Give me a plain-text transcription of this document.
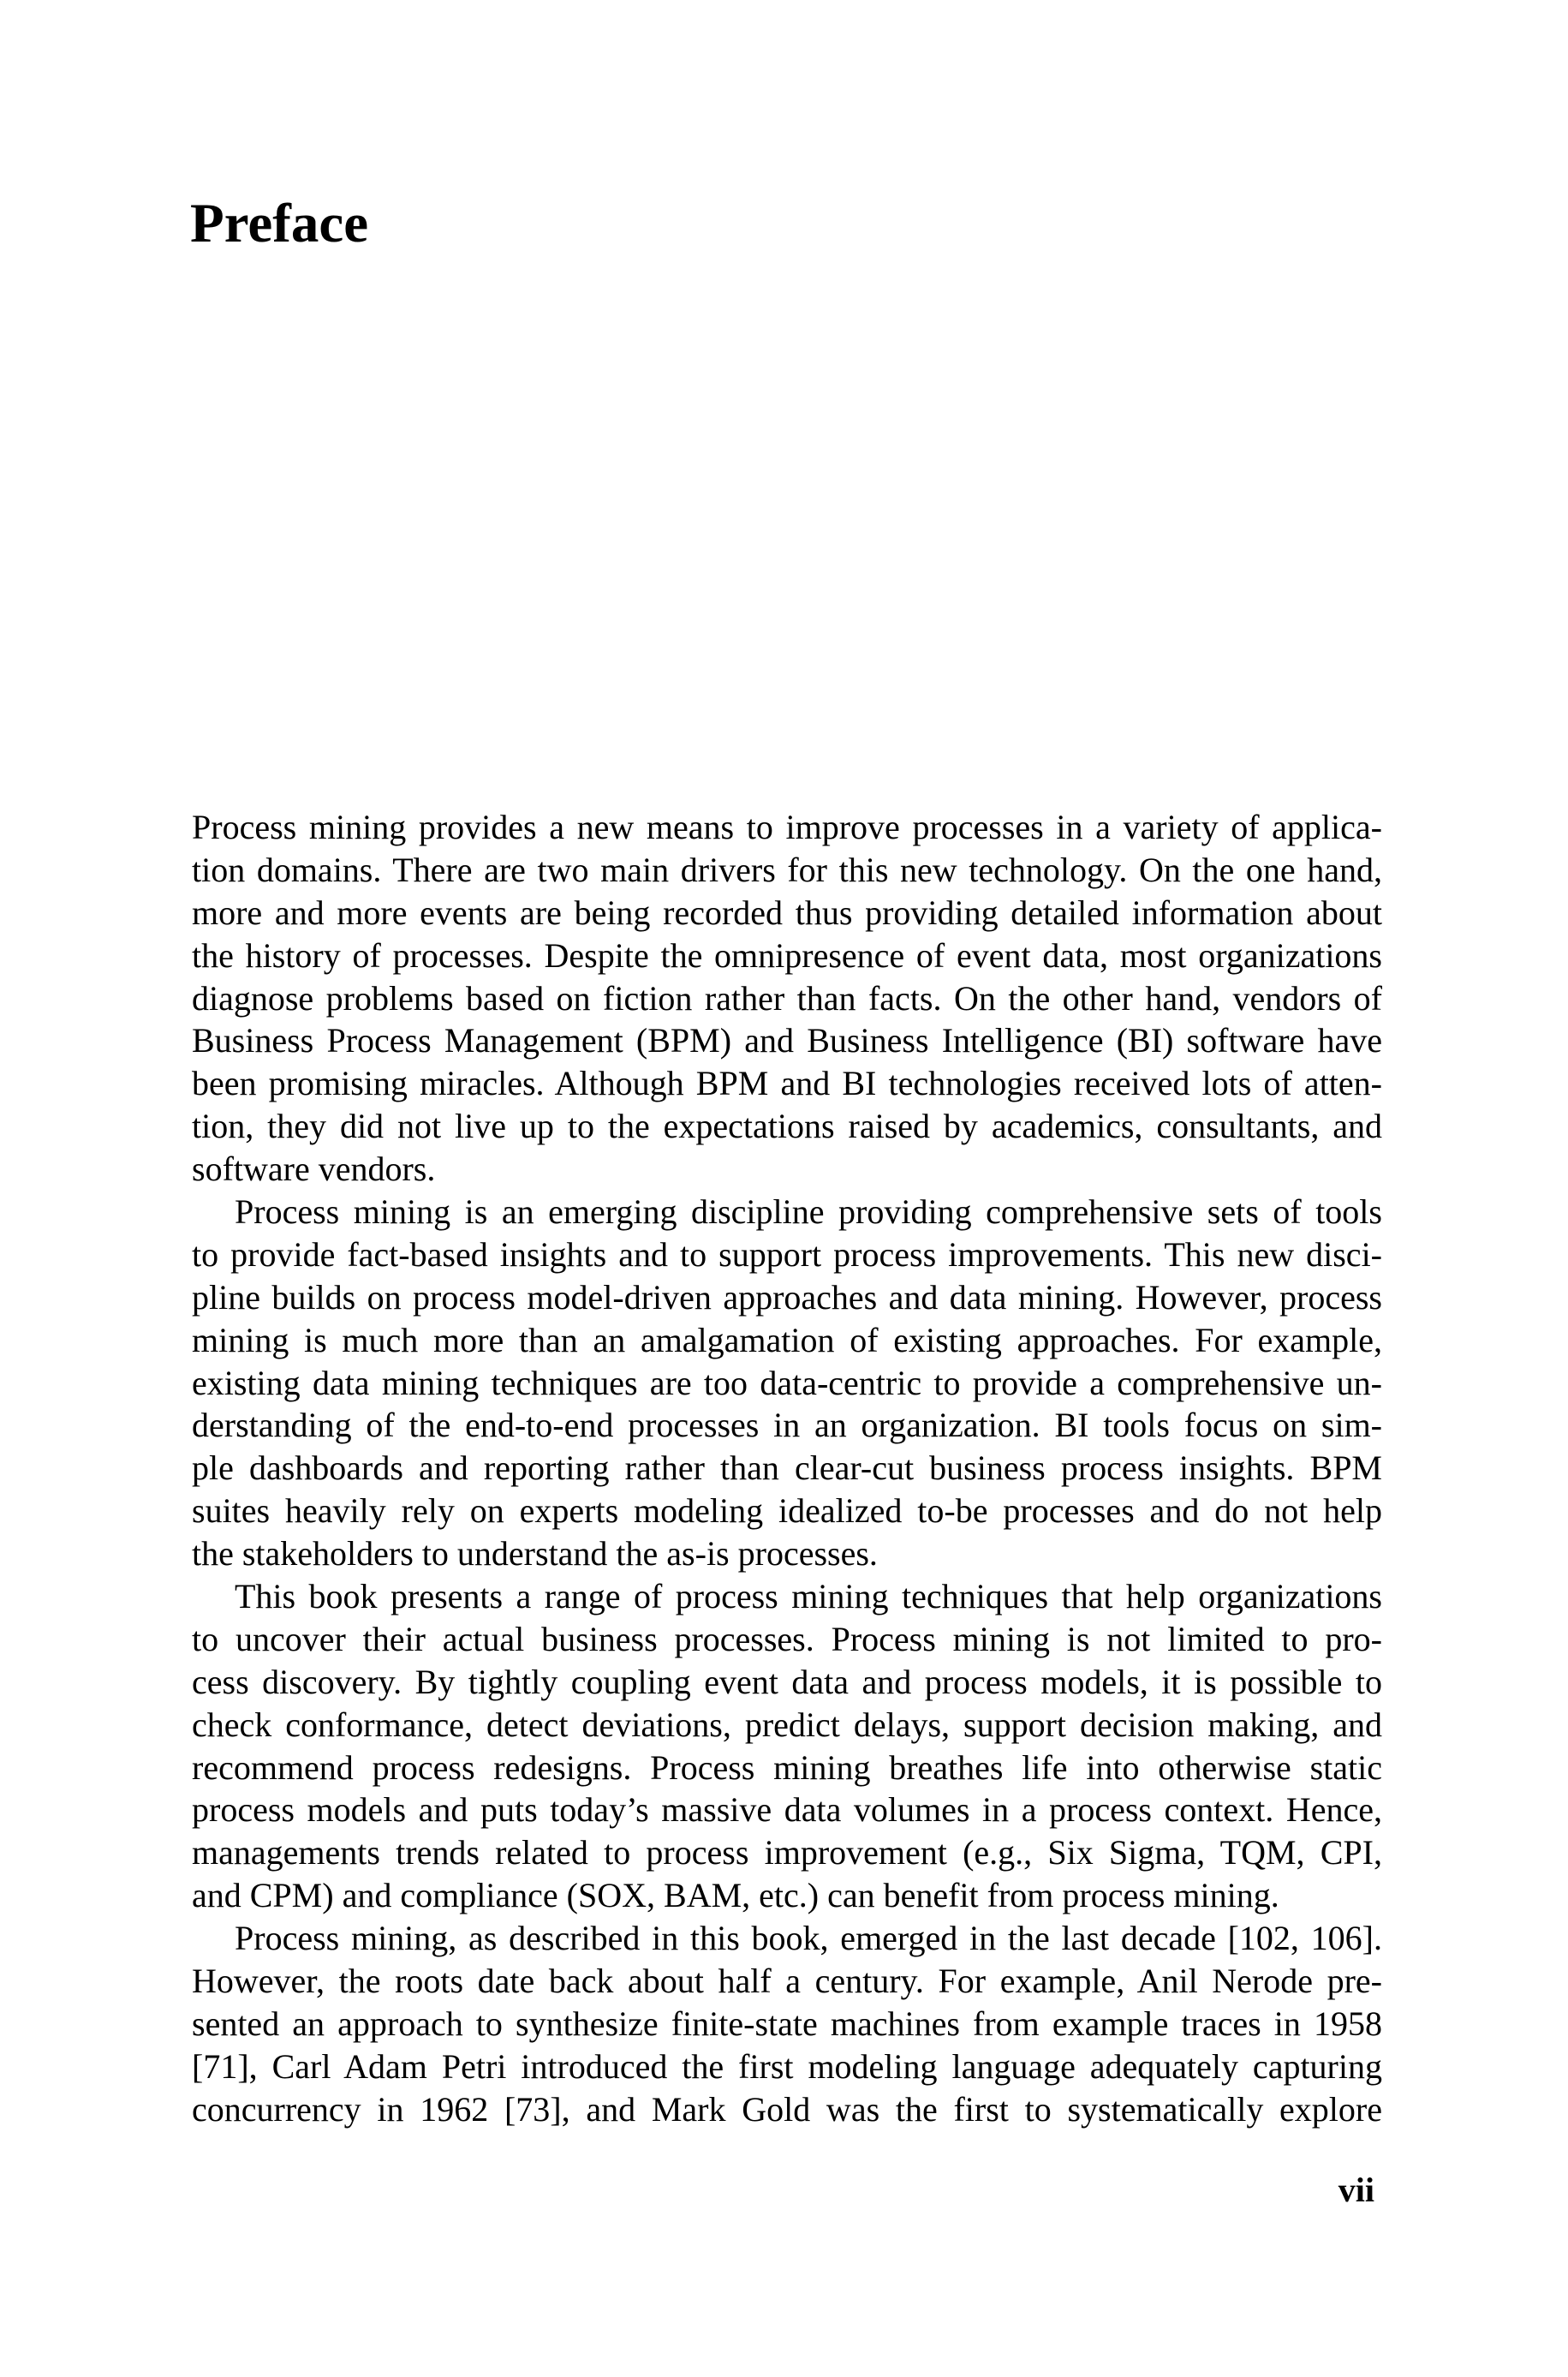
Preface
Process mining provides a new means to improve processes in a variety of applica-
tion domains. There are two main drivers for this new technology. On the one hand,
more and more events are being recorded thus providing detailed information about
the history of processes. Despite the omnipresence of event data, most organizations
diagnose problems based on fiction rather than facts. On the other hand, vendors of
Business Process Management (BPM) and Business Intelligence (BI) software have
been promising miracles. Although BPM and BI technologies received lots of atten-
tion, they did not live up to the expectations raised by academics, consultants, and
software vendors.
Process mining is an emerging discipline providing comprehensive sets of tools
to provide fact-based insights and to support process improvements. This new disci-
pline builds on process model-driven approaches and data mining. However, process
mining is much more than an amalgamation of existing approaches. For example,
existing data mining techniques are too data-centric to provide a comprehensive un-
derstanding of the end-to-end processes in an organization. BI tools focus on sim-
ple dashboards and reporting rather than clear-cut business process insights. BPM
suites heavily rely on experts modeling idealized to-be processes and do not help
the stakeholders to understand the as-is processes.
This book presents a range of process mining techniques that help organizations
to uncover their actual business processes. Process mining is not limited to pro-
cess discovery. By tightly coupling event data and process models, it is possible to
check conformance, detect deviations, predict delays, support decision making, and
recommend process redesigns. Process mining breathes life into otherwise static
process models and puts today’s massive data volumes in a process context. Hence,
managements trends related to process improvement (e.g., Six Sigma, TQM, CPI,
and CPM) and compliance (SOX, BAM, etc.) can benefit from process mining.
Process mining, as described in this book, emerged in the last decade [102, 106].
However, the roots date back about half a century. For example, Anil Nerode pre-
sented an approach to synthesize finite-state machines from example traces in 1958
[71], Carl Adam Petri introduced the first modeling language adequately capturing
concurrency in 1962 [73], and Mark Gold was the first to systematically explore
vii
